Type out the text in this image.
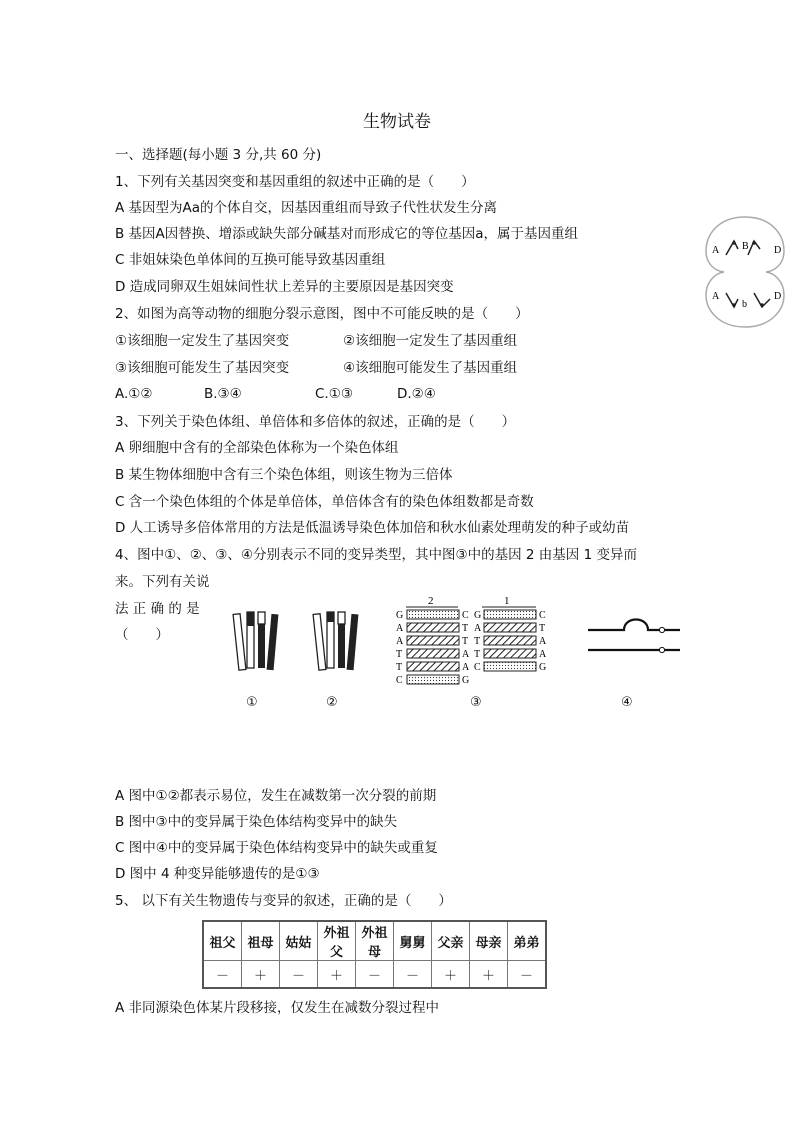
生物试卷
一、选择题(每小题 3 分,共 60 分)
1、下列有关基因突变和基因重组的叙述中正确的是（　　）
A 基因型为Aa的个体自交，因基因重组而导致子代性状发生分离
B 基因A因替换、增添或缺失部分碱基对而形成它的等位基因a，属于基因重组
C 非姐妹染色单体间的互换可能导致基因重组
D 造成同卵双生姐妹间性状上差异的主要原因是基因突变
A B	D
A
b
D
2、如图为高等动物的细胞分裂示意图，图中不可能反映的是（　　）
①该细胞一定发生了基因突变	②该细胞一定发生了基因重组
③该细胞可能发生了基因突变	④该细胞可能发生了基因重组
A.①②	B.③④	C.①③	D.②④
3、下列关于染色体组、单倍体和多倍体的叙述，正确的是（　　）
A 卵细胞中含有的全部染色体称为一个染色体组
B 某生物体细胞中含有三个染色体组，则该生物为三倍体
C 含一个染色体组的个体是单倍体，单倍体含有的染色体组数都是奇数
D 人工诱导多倍体常用的方法是低温诱导染色体加倍和秋水仙素处理萌发的种子或幼苗
4、图中①、②、③、④分别表示不同的变异类型，其中图③中的基因 2 由基因 1 变异而
来。下列有关说
法 正 确 的 是
（　　）
①	②
2	1
G
A
A
T
T
C
C
T
T
A
A
G
G
A
T
T
C
C
T
A
A
G
③	④
A 图中①②都表示易位，发生在减数第一次分裂的前期
B 图中③中的变异属于染色体结构变异中的缺失
C 图中④中的变异属于染色体结构变异中的缺失或重复
D 图中 4 种变异能够遗传的是①③
5、 以下有关生物遗传与变异的叙述，正确的是（　　）
祖父	祖母	姑姑	外祖父	外祖母	舅舅	父亲	母亲	弟弟
－	＋	－	＋	－	－	＋	＋	－
A 非同源染色体某片段移接，仅发生在减数分裂过程中
